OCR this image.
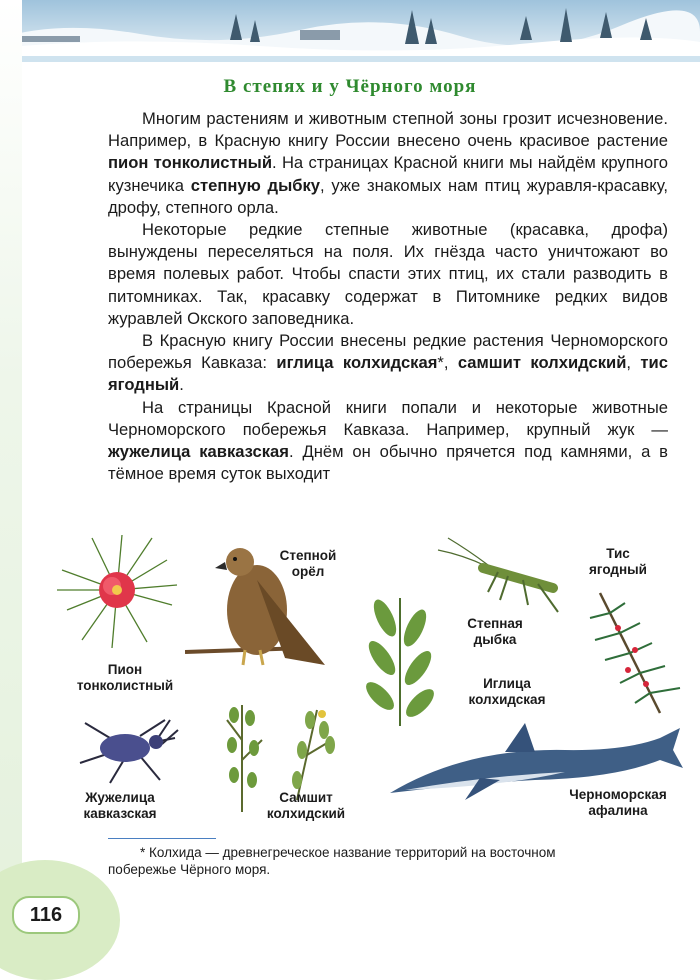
В степях и у Чёрного моря

Многим растениям и животным степной зоны грозит исчезновение. Например, в Красную книгу России внесено очень красивое растение пион тонколистный. На страницах Красной книги мы найдём крупного кузнечика степную дыбку, уже знакомых нам птиц журавля-красавку, дрофу, степного орла.

Некоторые редкие степные животные (красавка, дрофа) вынуждены переселяться на поля. Их гнёзда часто уничтожают во время полевых работ. Чтобы спасти этих птиц, их стали разводить в питомниках. Так, красавку содержат в Питомнике редких видов журавлей Окского заповедника.

В Красную книгу России внесены редкие растения Черноморского побережья Кавказа: иглица колхидская*, самшит колхидский, тис ягодный.

На страницы Красной книги попали и некоторые животные Черноморского побережья Кавказа. Например, крупный жук — жужелица кавказская. Днём он обычно прячется под камнями, а в тёмное время суток выходит

Пион тонколистный
Степной орёл
Степная дыбка
Тис ягодный
Иглица колхидская
Жужелица кавказская
Самшит колхидский
Черноморская афалина
* Колхида — древнегреческое название территорий на восточном побережье Чёрного моря.
116
